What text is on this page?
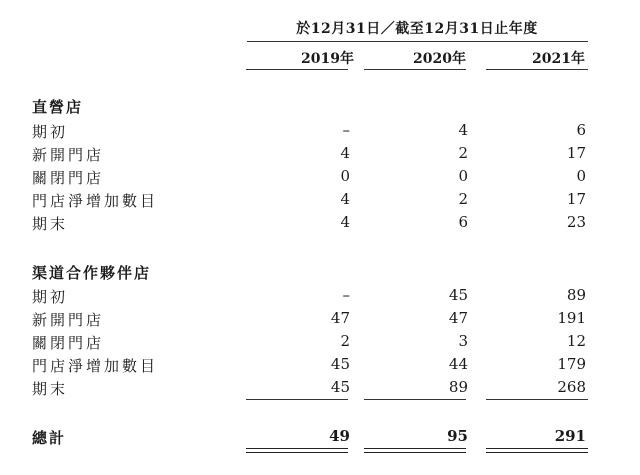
於12月31日／截至12月31日止年度
2019年	2020年	2021年
直營店
期初	–	4	6
新開門店	4	2	17
關閉門店	0	0	0
門店淨增加數目	4	2	17
期末	4	6	23
渠道合作夥伴店
期初	–	45	89
新開門店	47	47	191
關閉門店	2	3	12
門店淨增加數目	45	44	179
期末	45	89	268
總計	49	95	291
